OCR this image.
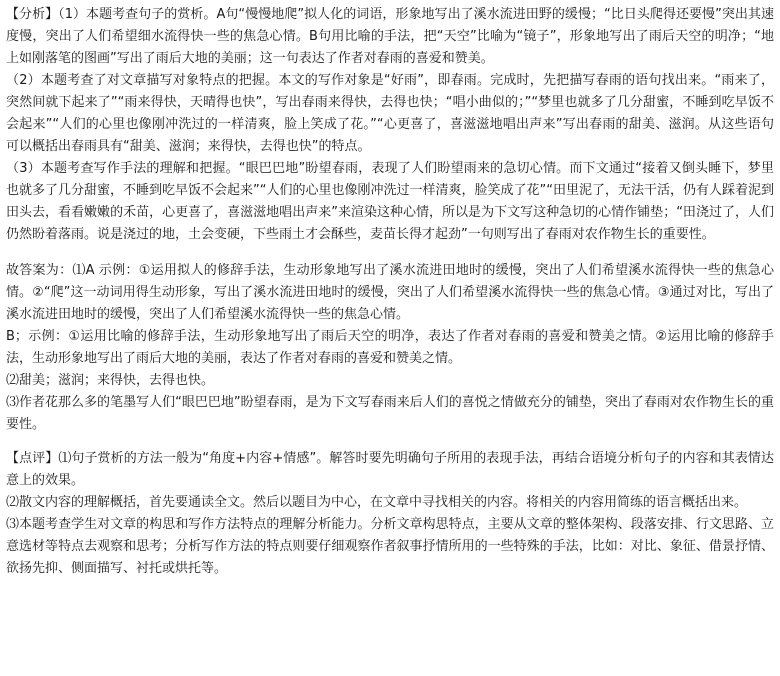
【分析】（1）本题考查句子的赏析。A句“慢慢地爬”拟人化的词语，形象地写出了溪水流进田野的缓慢；“比日头爬得还要慢”突出其速度慢，突出了人们希望细水流得快一些的焦急心情。B句用比喻的手法，把“天空”比喻为“镜子”，形象地写出了雨后天空的明净；“地上如刚落笔的图画”写出了雨后大地的美丽；这一句表达了作者对春雨的喜爱和赞美。

（2）本题考查了对文章描写对象特点的把握。本文的写作对象是“好雨”，即春雨。完成时，先把描写春雨的语句找出来。“雨来了，突然间就下起来了”“雨来得快，天晴得也快”，写出春雨来得快，去得也快；“唱小曲似的；”“梦里也就多了几分甜蜜，不睡到吃早饭不会起来”“人们的心里也像刚冲洗过的一样清爽，脸上笑成了花。”“心更喜了，喜滋滋地唱出声来”写出春雨的甜美、滋润。从这些语句可以概括出春雨具有“甜美、滋润；来得快，去得也快”的特点。

（3）本题考查写作手法的理解和把握。“眼巴巴地”盼望春雨，表现了人们盼望雨来的急切心情。而下文通过“接着又倒头睡下，梦里也就多了几分甜蜜，不睡到吃早饭不会起来”“人们的心里也像刚冲洗过一样清爽，脸笑成了花”“田里泥了，无法干活，仍有人踩着泥到田头去，看看嫩嫩的禾苗，心更喜了，喜滋滋地唱出声来”来渲染这种心情，所以是为下文写这种急切的心情作铺垫；“田浇过了，人们仍然盼着落雨。说是浇过的地，土会变硬，下些雨土才会酥些，麦苗长得才起劲”一句则写出了春雨对农作物生长的重要性。

故答案为：⑴A 示例：①运用拟人的修辞手法，生动形象地写出了溪水流进田地时的缓慢，突出了人们希望溪水流得快一些的焦急心情。②“爬”这一动词用得生动形象，写出了溪水流进田地时的缓慢，突出了人们希望溪水流得快一些的焦急心情。③通过对比，写出了溪水流进田地时的缓慢，突出了人们希望溪水流得快一些的焦急心情。

B；示例：①运用比喻的修辞手法，生动形象地写出了雨后天空的明净，表达了作者对春雨的喜爱和赞美之情。②运用比喻的修辞手法，生动形象地写出了雨后大地的美丽，表达了作者对春雨的喜爱和赞美之情。

⑵甜美；滋润；来得快，去得也快。

⑶作者花那么多的笔墨写人们“眼巴巴地”盼望春雨，是为下文写春雨来后人们的喜悦之情做充分的铺垫，突出了春雨对农作物生长的重要性。

【点评】⑴句子赏析的方法一般为“角度+内容+情感”。解答时要先明确句子所用的表现手法，再结合语境分析句子的内容和其表情达意上的效果。

⑵散文内容的理解概括，首先要通读全文。然后以题目为中心，在文章中寻找相关的内容。将相关的内容用简练的语言概括出来。

⑶本题考查学生对文章的构思和写作方法特点的理解分析能力。分析文章构思特点，主要从文章的整体架构、段落安排、行文思路、立意选材等特点去观察和思考；分析写作方法的特点则要仔细观察作者叙事抒情所用的一些特殊的手法，比如：对比、象征、借景抒情、欲扬先抑、侧面描写、衬托或烘托等。
